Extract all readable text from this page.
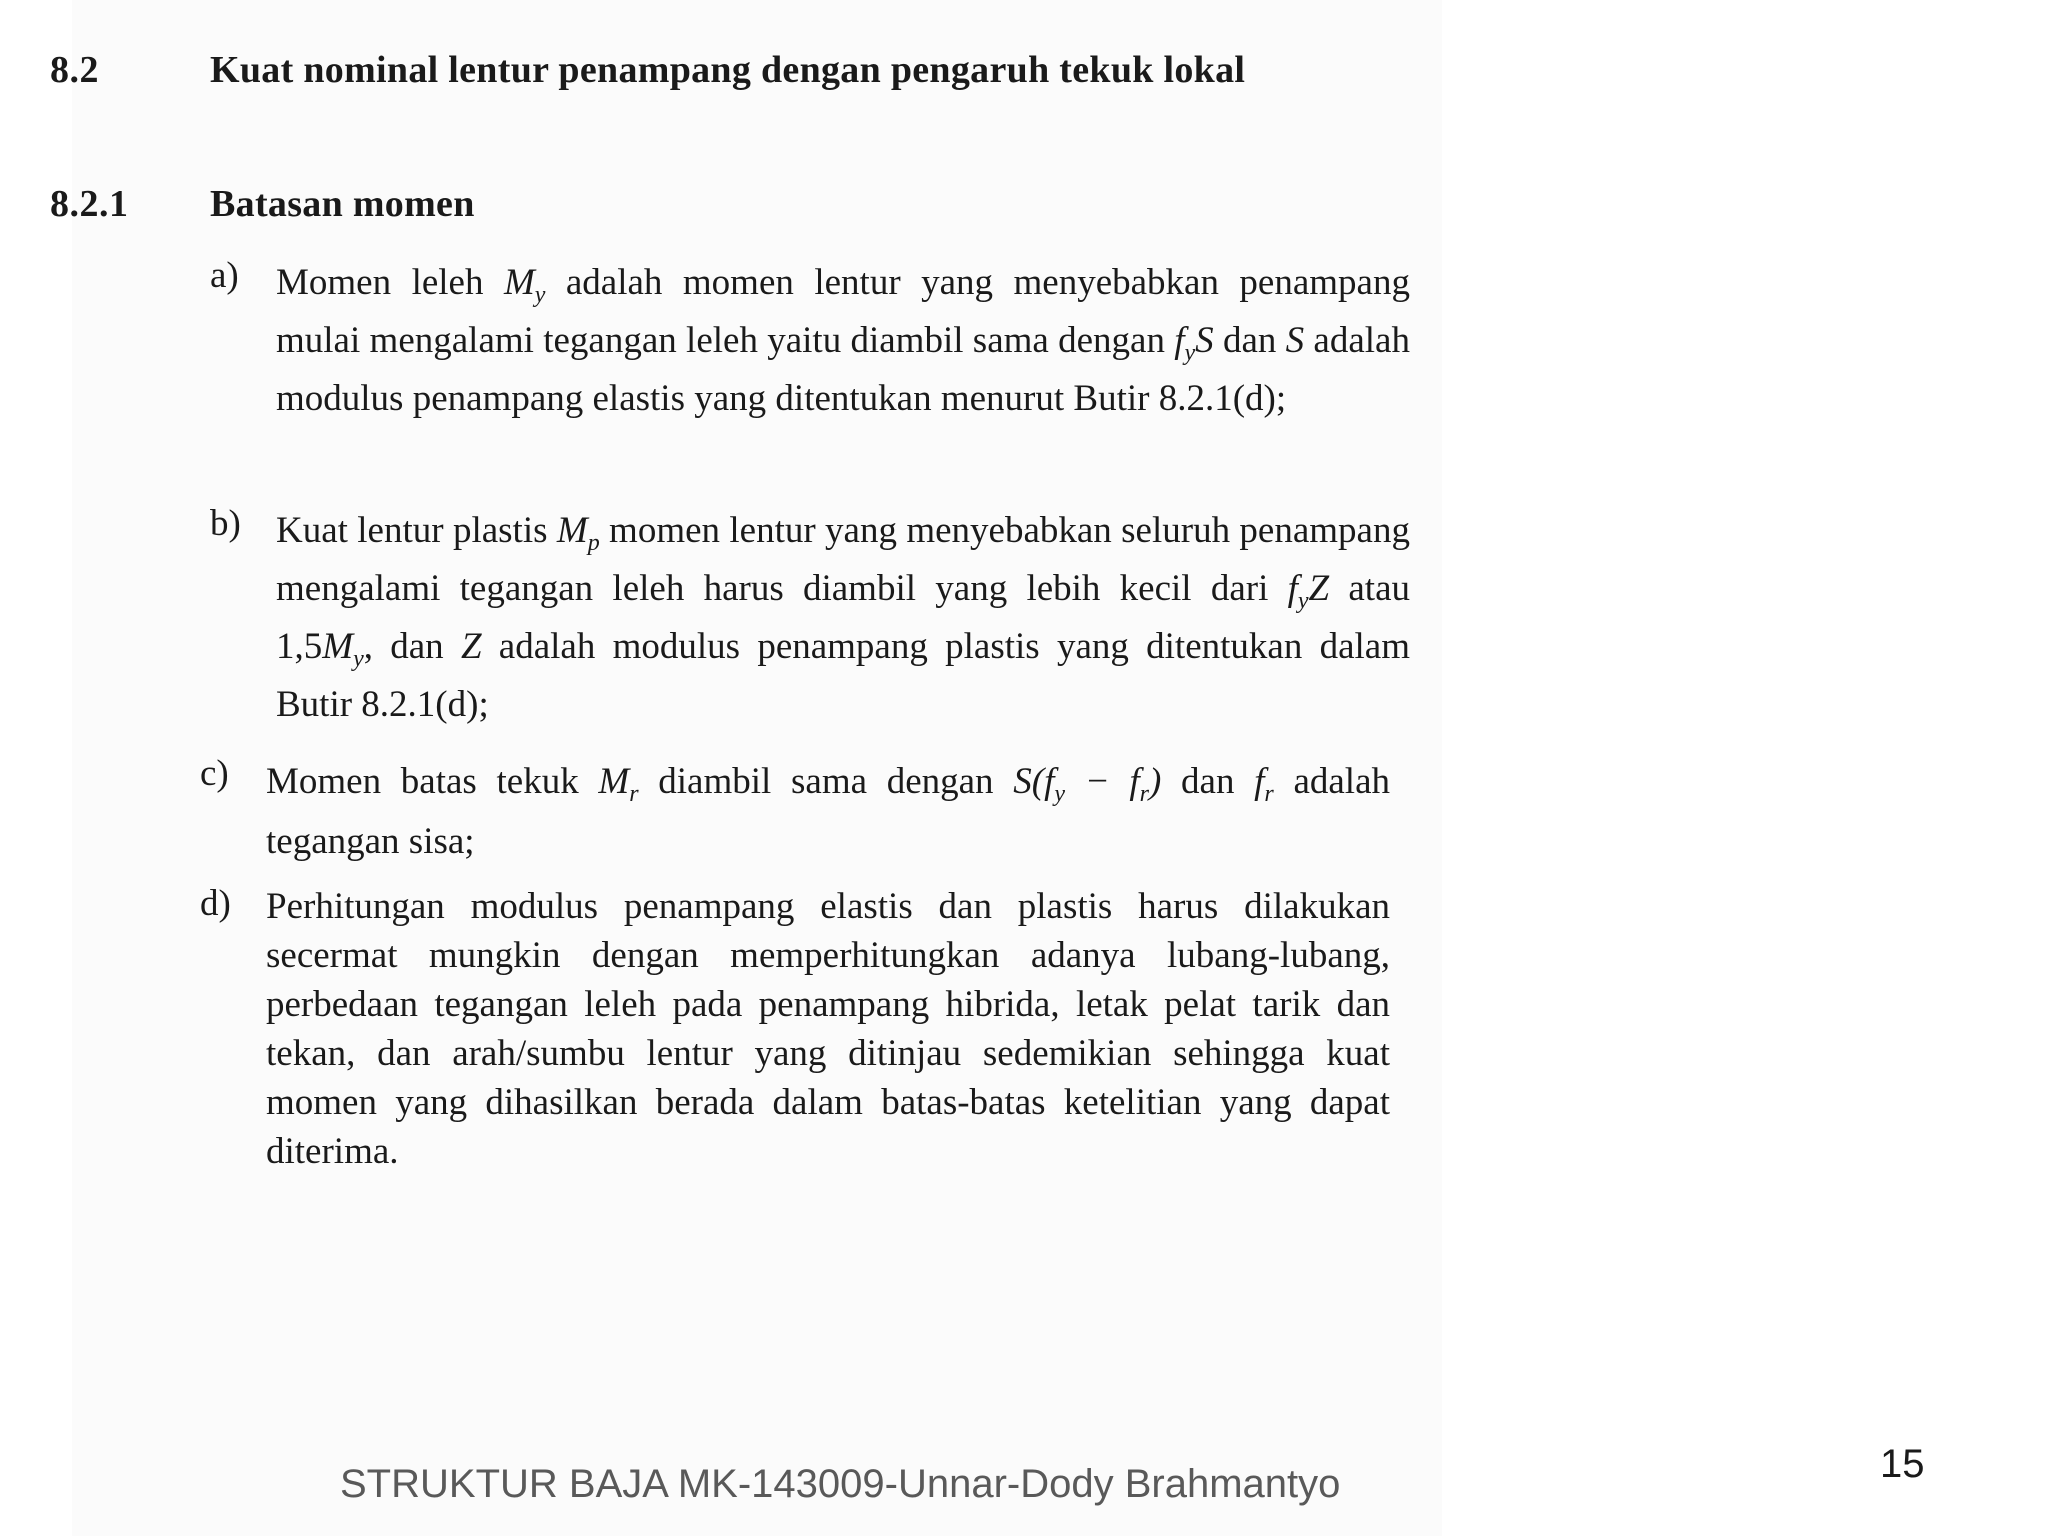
8.2	Kuat nominal lentur penampang dengan pengaruh tekuk lokal
8.2.1 Batasan momen
a) Momen leleh $M_y$ adalah momen lentur yang menyebabkan penampang mulai mengalami tegangan leleh yaitu diambil sama dengan $f_yS$ dan S adalah modulus penampang elastis yang ditentukan menurut Butir 8.2.1(d);
b) Kuat lentur plastis $M_p$ momen lentur yang menyebabkan seluruh penampang mengalami tegangan leleh harus diambil yang lebih kecil dari $f_yZ$ atau $1,5M_y$, dan Z adalah modulus penampang plastis yang ditentukan dalam Butir 8.2.1(d);
c) Momen batas tekuk $M_r$ diambil sama dengan $S(f_y - f_r)$ dan $f_r$ adalah tegangan sisa;
d) Perhitungan modulus penampang elastis dan plastis harus dilakukan secermat mungkin dengan memperhitungkan adanya lubang-lubang, perbedaan tegangan leleh pada penampang hibrida, letak pelat tarik dan tekan, dan arah/sumbu lentur yang ditinjau sedemikian sehingga kuat momen yang dihasilkan berada dalam batas-batas ketelitian yang dapat diterima.
STRUKTUR BAJA MK-143009-Unnar-Dody Brahmantyo	15
